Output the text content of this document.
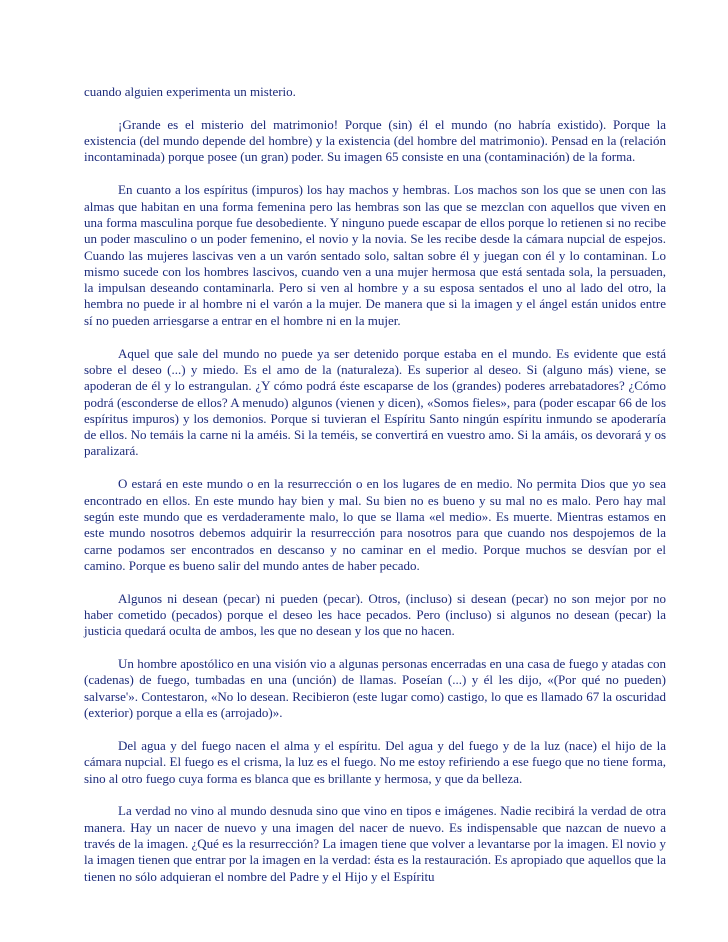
cuando alguien experimenta un misterio.

¡Grande es el misterio del matrimonio! Porque (sin) él el mundo (no habría existido). Porque la existencia (del mundo depende del hombre) y la existencia (del hombre del matrimonio). Pensad en la (relación incontaminada) porque posee (un gran) poder. Su imagen 65 consiste en una (contaminación) de la forma.

En cuanto a los espíritus (impuros) los hay machos y hembras. Los machos son los que se unen con las almas que habitan en una forma femenina pero las hembras son las que se mezclan con aquellos que viven en una forma masculina porque fue desobediente. Y ninguno puede escapar de ellos porque lo retienen si no recibe un poder masculino o un poder femenino, el novio y la novia. Se les recibe desde la cámara nupcial de espejos. Cuando las mujeres lascivas ven a un varón sentado solo, saltan sobre él y juegan con él y lo contaminan. Lo mismo sucede con los hombres lascivos, cuando ven a una mujer hermosa que está sentada sola, la persuaden, la impulsan deseando contaminarla. Pero si ven al hombre y a su esposa sentados el uno al lado del otro, la hembra no puede ir al hombre ni el varón a la mujer. De manera que si la imagen y el ángel están unidos entre sí no pueden arriesgarse a entrar en el hombre ni en la mujer.

Aquel que sale del mundo no puede ya ser detenido porque estaba en el mundo. Es evidente que está sobre el deseo (...) y miedo. Es el amo de la (naturaleza). Es superior al deseo. Si (alguno más) viene, se apoderan de él y lo estrangulan. ¿Y cómo podrá éste escaparse de los (grandes) poderes arrebatadores? ¿Cómo podrá (esconderse de ellos? A menudo) algunos (vienen y dicen), «Somos fieles», para (poder escapar 66 de los espíritus impuros) y los demonios. Porque si tuvieran el Espíritu Santo ningún espíritu inmundo se apoderaría de ellos. No temáis la carne ni la améis. Si la teméis, se convertirá en vuestro amo. Si la amáis, os devorará y os paralizará.

O estará en este mundo o en la resurrección o en los lugares de en medio. No permita Dios que yo sea encontrado en ellos. En este mundo hay bien y mal. Su bien no es bueno y su mal no es malo. Pero hay mal según este mundo que es verdaderamente malo, lo que se llama «el medio». Es muerte. Mientras estamos en este mundo nosotros debemos adquirir la resurrección para nosotros para que cuando nos despojemos de la carne podamos ser encontrados en descanso y no caminar en el medio. Porque muchos se desvían por el camino. Porque es bueno salir del mundo antes de haber pecado.

Algunos ni desean (pecar) ni pueden (pecar). Otros, (incluso) si desean (pecar) no son mejor por no haber cometido (pecados) porque el deseo les hace pecados. Pero (incluso) si algunos no desean (pecar) la justicia quedará oculta de ambos, les que no desean y los que no hacen.

Un hombre apostólico en una visión vio a algunas personas encerradas en una casa de fuego y atadas con (cadenas) de fuego, tumbadas en una (unción) de llamas. Poseían (...) y él les dijo, «(Por qué no pueden) salvarse'». Contestaron, «No lo desean. Recibieron (este lugar como) castigo, lo que es llamado 67 la oscuridad (exterior) porque a ella es (arrojado)».

Del agua y del fuego nacen el alma y el espíritu. Del agua y del fuego y de la luz (nace) el hijo de la cámara nupcial. El fuego es el crisma, la luz es el fuego. No me estoy refiriendo a ese fuego que no tiene forma, sino al otro fuego cuya forma es blanca que es brillante y hermosa, y que da belleza.

La verdad no vino al mundo desnuda sino que vino en tipos e imágenes. Nadie recibirá la verdad de otra manera. Hay un nacer de nuevo y una imagen del nacer de nuevo. Es indispensable que nazcan de nuevo a través de la imagen. ¿Qué es la resurrección? La imagen tiene que volver a levantarse por la imagen. El novio y la imagen tienen que entrar por la imagen en la verdad: ésta es la restauración. Es apropiado que aquellos que la tienen no sólo adquieran el nombre del Padre y el Hijo y el Espíritu
